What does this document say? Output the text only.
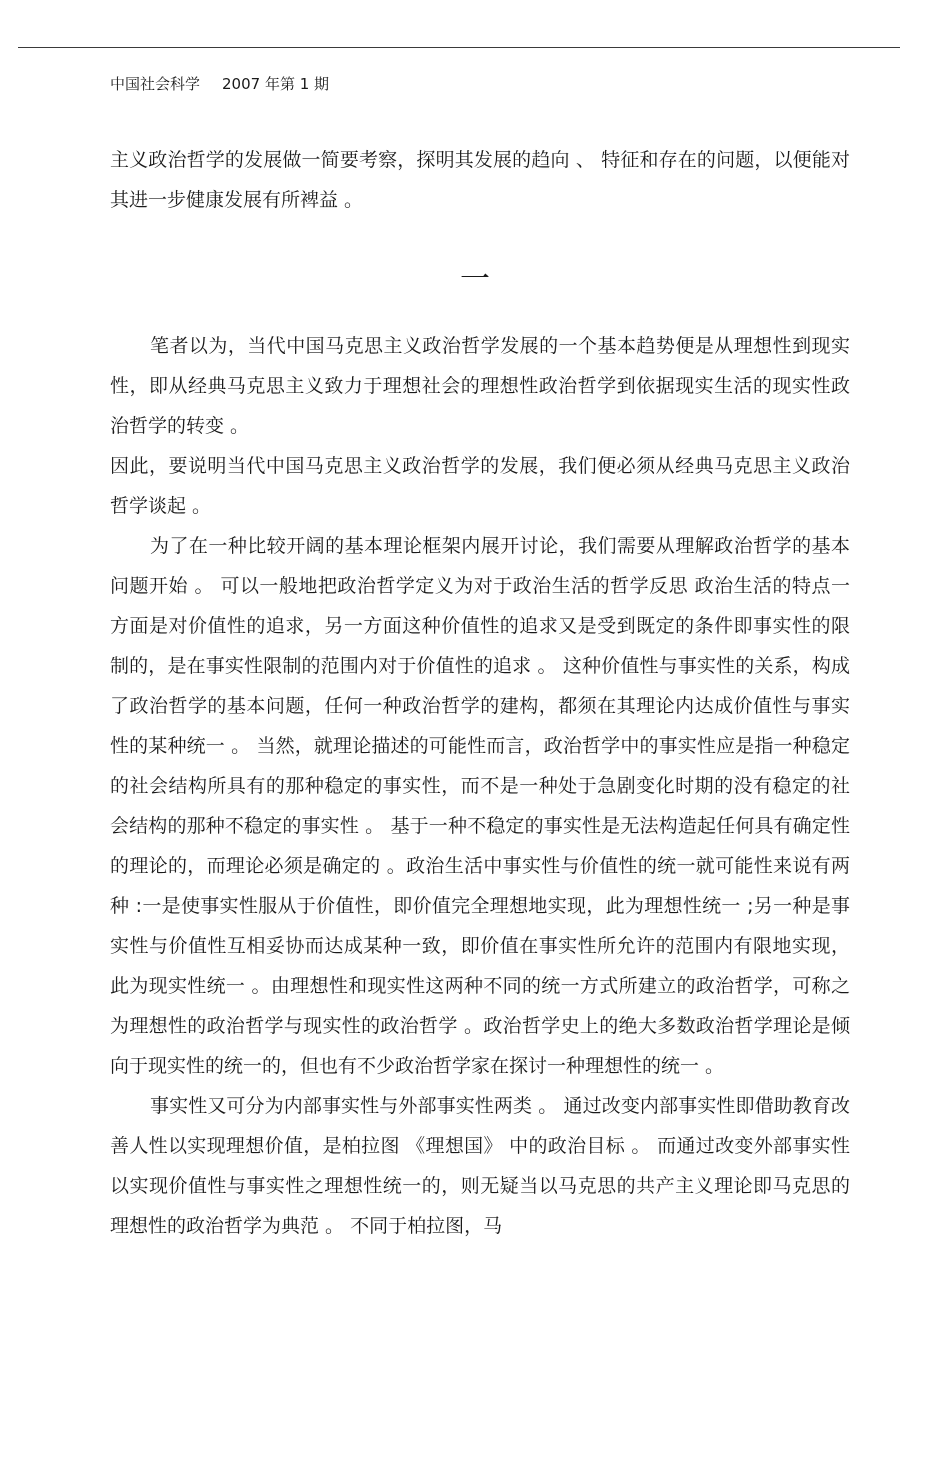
中国社会科学 2007 年第 1 期

主义政治哲学的发展做一简要考察，探明其发展的趋向 、 特征和存在的问题，以便能对其进一步健康发展有所裨益 。

一

笔者以为，当代中国马克思主义政治哲学发展的一个基本趋势便是从理想性到现实性，即从经典马克思主义致力于理想社会的理想性政治哲学到依据现实生活的现实性政治哲学的转变 。

因此，要说明当代中国马克思主义政治哲学的发展，我们便必须从经典马克思主义政治哲学谈起 。

为了在一种比较开阔的基本理论框架内展开讨论，我们需要从理解政治哲学的基本问题开始 。 可以一般地把政治哲学定义为对于政治生活的哲学反思 政治生活的特点一方面是对价值性的追求，另一方面这种价值性的追求又是受到既定的条件即事实性的限制的，是在事实性限制的范围内对于价值性的追求 。 这种价值性与事实性的关系，构成了政治哲学的基本问题，任何一种政治哲学的建构，都须在其理论内达成价值性与事实性的某种统一 。 当然，就理论描述的可能性而言，政治哲学中的事实性应是指一种稳定的社会结构所具有的那种稳定的事实性，而不是一种处于急剧变化时期的没有稳定的社会结构的那种不稳定的事实性 。 基于一种不稳定的事实性是无法构造起任何具有确定性的理论的，而理论必须是确定的 。政治生活中事实性与价值性的统一就可能性来说有两种 :一是使事实性服从于价值性，即价值完全理想地实现，此为理想性统一 ;另一种是事实性与价值性互相妥协而达成某种一致，即价值在事实性所允许的范围内有限地实现，此为现实性统一 。由理想性和现实性这两种不同的统一方式所建立的政治哲学，可称之为理想性的政治哲学与现实性的政治哲学 。政治哲学史上的绝大多数政治哲学理论是倾向于现实性的统一的，但也有不少政治哲学家在探讨一种理想性的统一 。

事实性又可分为内部事实性与外部事实性两类 。 通过改变内部事实性即借助教育改善人性以实现理想价值，是柏拉图 《理想国》 中的政治目标 。 而通过改变外部事实性以实现价值性与事实性之理想性统一的，则无疑当以马克思的共产主义理论即马克思的理想性的政治哲学为典范 。 不同于柏拉图，马
